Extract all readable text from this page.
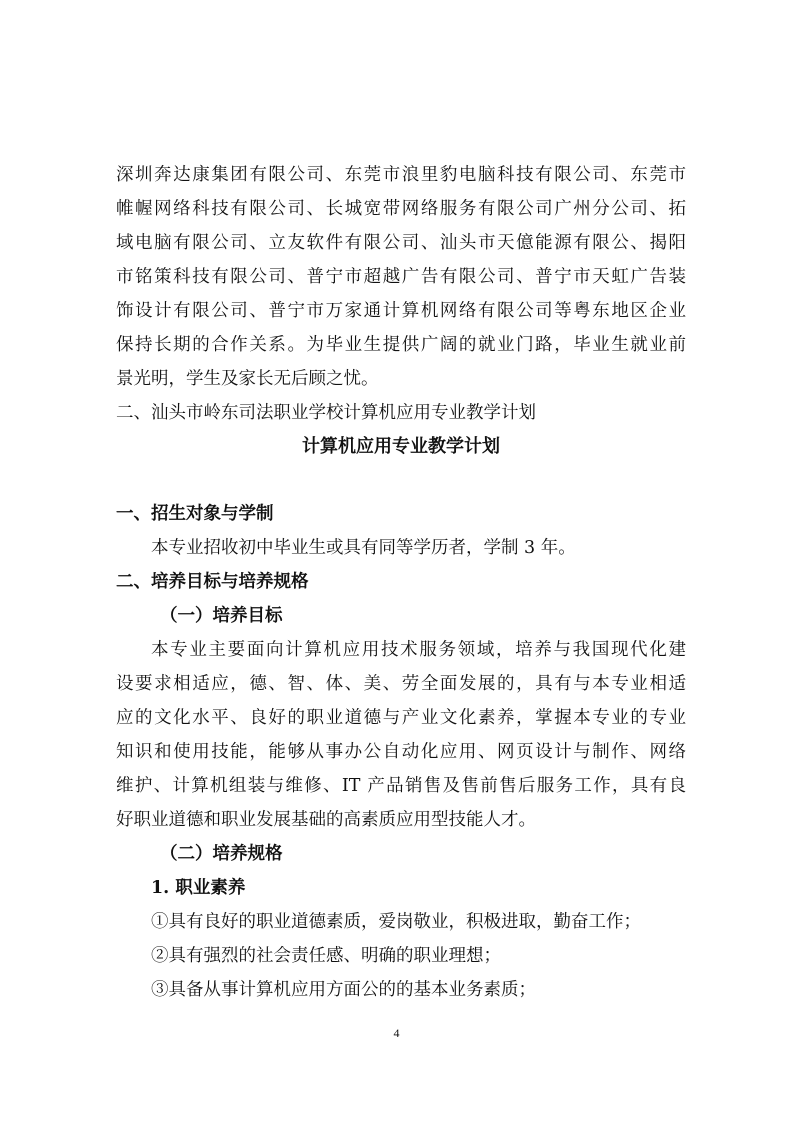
深圳奔达康集团有限公司、东莞市浪里豹电脑科技有限公司、东莞市
帷幄网络科技有限公司、长城宽带网络服务有限公司广州分公司、拓
域电脑有限公司、立友软件有限公司、汕头市天億能源有限公、揭阳
市铭策科技有限公司、普宁市超越广告有限公司、普宁市天虹广告装
饰设计有限公司、普宁市万家通计算机网络有限公司等粤东地区企业
保持长期的合作关系。为毕业生提供广阔的就业门路，毕业生就业前
景光明，学生及家长无后顾之忧。
二、汕头市岭东司法职业学校计算机应用专业教学计划
计算机应用专业教学计划
一、招生对象与学制
本专业招收初中毕业生或具有同等学历者，学制 3 年。
二、培养目标与培养规格
（一）培养目标
本专业主要面向计算机应用技术服务领域，培养与我国现代化建
设要求相适应，德、智、体、美、劳全面发展的，具有与本专业相适
应的文化水平、良好的职业道德与产业文化素养，掌握本专业的专业
知识和使用技能，能够从事办公自动化应用、网页设计与制作、网络
维护、计算机组装与维修、IT 产品销售及售前售后服务工作，具有良
好职业道德和职业发展基础的高素质应用型技能人才。
（二）培养规格
1. 职业素养
①具有良好的职业道德素质，爱岗敬业，积极进取，勤奋工作；
②具有强烈的社会责任感、明确的职业理想；
③具备从事计算机应用方面公的的基本业务素质；
4
